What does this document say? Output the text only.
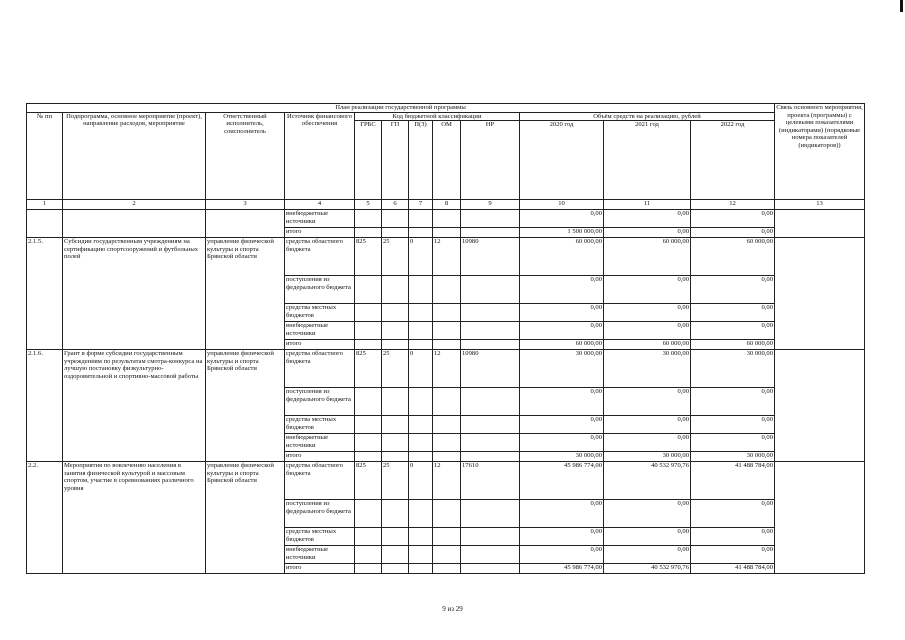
План реализации государственной программы												Связь основного мероприятия, проекта (программы) с целевыми показателями (индикаторами) (порядковые номера показателей (индикаторов))
№ пп	Подпрограмма, основное мероприятие (проект), направление расходов, мероприятие	Ответственный исполнитель, соисполнитель	Источник финансового обеспечения	Код бюджетной классификации					Объём средств на реализацию, рублей			
				ГРБС	ГП	П(З)	ОМ	НР	2020 год	2021 год	2022 год	
1	2	3	4	5	6	7	8	9	10	11	12	13
			внебюджетные источники						0,00	0,00	0,00	
			итого						1 500 000,00	0,00	0,00	
2.1.5.	Субсидии государственным учреждениям на сертификацию спортсооружений и футбольных полей	управление физической культуры и спорта Брянской области	средства областного бюджета	825	25	0	12	10980	60 000,00	60 000,00	60 000,00	
			поступления из федерального бюджета						0,00	0,00	0,00	
			средства местных бюджетов						0,00	0,00	0,00	
			внебюджетные источники						0,00	0,00	0,00	
			итого						60 000,00	60 000,00	60 000,00	
2.1.6.	Грант в форме субсидии государственным учреждениям по результатам смотра-конкурса на лучшую постановку физкультурно-оздоровительной и спортивно-массовой работы	управление физической культуры и спорта Брянской области	средства областного бюджета	825	25	0	12	10980	30 000,00	30 000,00	30 000,00	
			поступления из федерального бюджета						0,00	0,00	0,00	
			средства местных бюджетов						0,00	0,00	0,00	
			внебюджетные источники						0,00	0,00	0,00	
			итого						30 000,00	30 000,00	30 000,00	
2.2.	Мероприятия по вовлечению населения в занятия физической культурой и массовым спортом, участие в соревнованиях различного уровня	управление физической культуры и спорта Брянской области	средства областного бюджета	825	25	0	12	17610	45 986 774,00	40 532 970,76	41 488 784,00	
			поступления из федерального бюджета						0,00	0,00	0,00	
			средства местных бюджетов						0,00	0,00	0,00	
			внебюджетные источники						0,00	0,00	0,00	
			итого						45 986 774,00	40 532 970,76	41 488 784,00	
9 из 29
